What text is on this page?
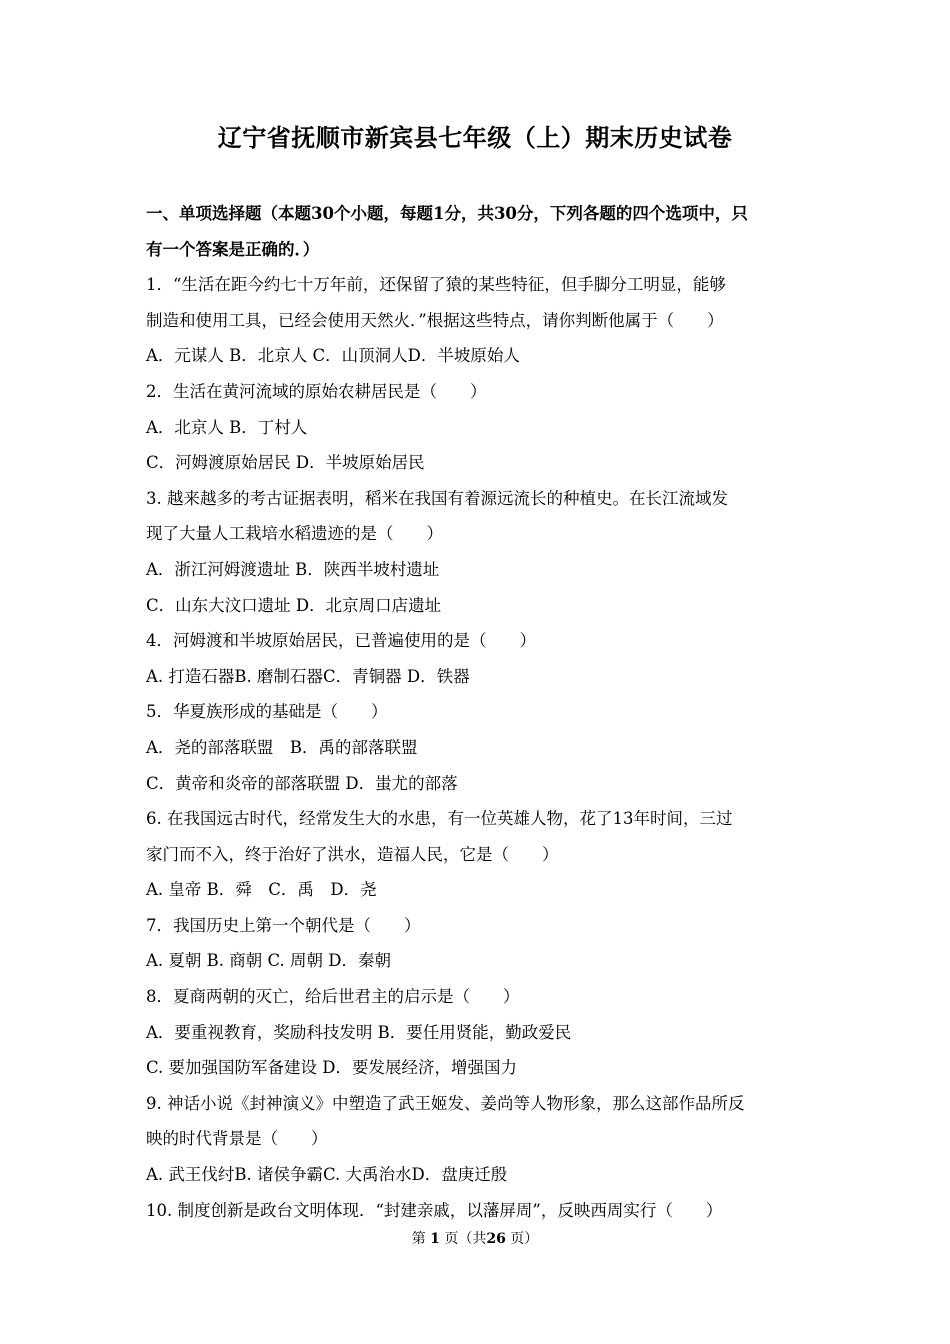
辽宁省抚顺市新宾县七年级（上）期末历史试卷
一、单项选择题（本题30个小题，每题1分，共30分，下列各题的四个选项中，只
有一个答案是正确的．）
1．“生活在距今约七十万年前，还保留了猿的某些特征，但手脚分工明显，能够
制造和使用工具，已经会使用天然火．”根据这些特点，请你判断他属于（　　）
A．元谋人 B．北京人 C．山顶洞人D．半坡原始人
2．生活在黄河流域的原始农耕居民是（　　）
A．北京人 B．丁村人
C．河姆渡原始居民 D．半坡原始居民
3. 越来越多的考古证据表明，稻米在我国有着源远流长的种植史。在长江流域发
现了大量人工栽培水稻遗迹的是（　　）
A．浙江河姆渡遗址 B．陕西半坡村遗址
C．山东大汶口遗址 D．北京周口店遗址
4．河姆渡和半坡原始居民，已普遍使用的是（　　）
A. 打造石器B. 磨制石器C．青铜器 D．铁器
5．华夏族形成的基础是（　　）
A．尧的部落联盟　B．禹的部落联盟
C．黄帝和炎帝的部落联盟 D．蚩尤的部落
6. 在我国远古时代，经常发生大的水患，有一位英雄人物，花了13年时间，三过
家门而不入，终于治好了洪水，造福人民，它是（　　）
A. 皇帝 B．舜　C．禹　D．尧
7．我国历史上第一个朝代是（　　）
A. 夏朝 B. 商朝 C. 周朝 D．秦朝
8．夏商两朝的灭亡，给后世君主的启示是（　　）
A．要重视教育，奖励科技发明 B．要任用贤能，勤政爱民
C. 要加强国防军备建设 D．要发展经济，增强国力
9. 神话小说《封神演义》中塑造了武王姬发、姜尚等人物形象，那么这部作品所反
映的时代背景是（　　）
A. 武王伐纣B. 诸侯争霸C. 大禹治水D．盘庚迁殷
10. 制度创新是政台文明体现．“封建亲戚，以藩屏周”，反映西周实行（　　）
第 1 页（共26 页）
